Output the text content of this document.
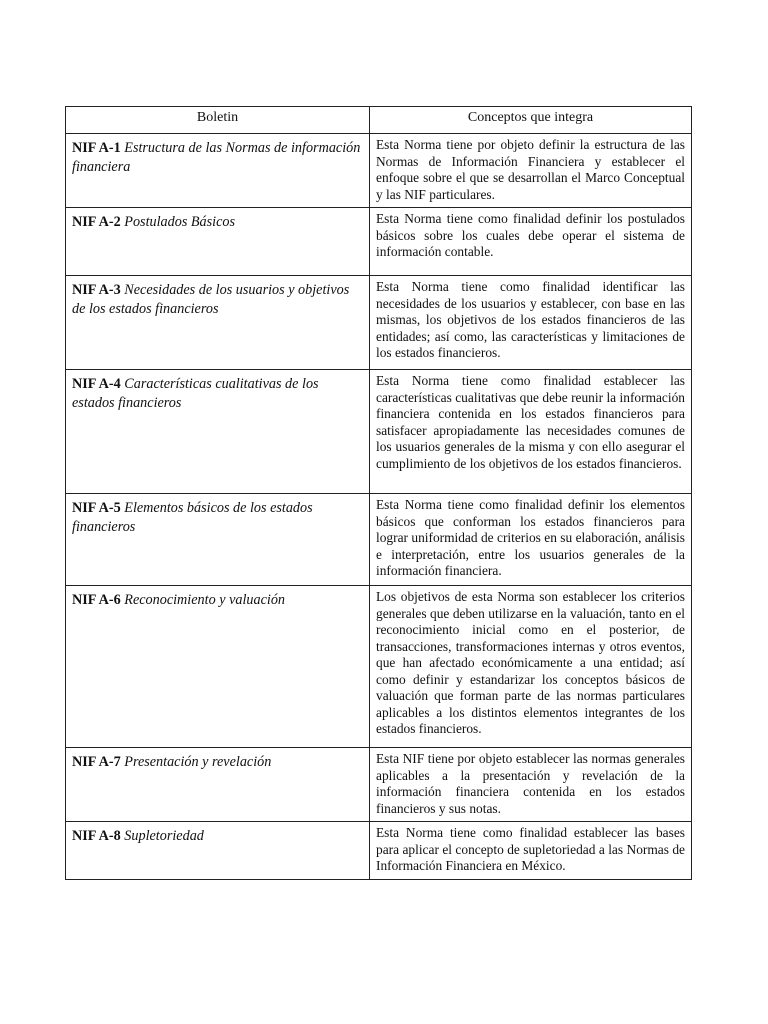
Boletin	Conceptos que integra
NIF A-1 Estructura de las Normas de información financiera	Esta Norma tiene por objeto definir la estructura de las Normas de Información Financiera y establecer el enfoque sobre el que se desarrollan el Marco Conceptual y las NIF particulares.
NIF A-2 Postulados Básicos	Esta Norma tiene como finalidad definir los postulados básicos sobre los cuales debe operar el sistema de información contable.
NIF A-3 Necesidades de los usuarios y objetivos de los estados financieros	Esta Norma tiene como finalidad identificar las necesidades de los usuarios y establecer, con base en las mismas, los objetivos de los estados financieros de las entidades; así como, las características y limitaciones de los estados financieros.
NIF A-4 Características cualitativas de los estados financieros	Esta Norma tiene como finalidad establecer las características cualitativas que debe reunir la información financiera contenida en los estados financieros para satisfacer apropiadamente las necesidades comunes de los usuarios generales de la misma y con ello asegurar el cumplimiento de los objetivos de los estados financieros.
NIF A-5 Elementos básicos de los estados financieros	Esta Norma tiene como finalidad definir los elementos básicos que conforman los estados financieros para lograr uniformidad de criterios en su elaboración, análisis e interpretación, entre los usuarios generales de la información financiera.
NIF A-6 Reconocimiento y valuación	Los objetivos de esta Norma son establecer los criterios generales que deben utilizarse en la valuación, tanto en el reconocimiento inicial como en el posterior, de transacciones, transformaciones internas y otros eventos, que han afectado económicamente a una entidad; así como definir y estandarizar los conceptos básicos de valuación que forman parte de las normas particulares aplicables a los distintos elementos integrantes de los estados financieros.
NIF A-7 Presentación y revelación	Esta NIF tiene por objeto establecer las normas generales aplicables a la presentación y revelación de la información financiera contenida en los estados financieros y sus notas.
NIF A-8 Supletoriedad	Esta Norma tiene como finalidad establecer las bases para aplicar el concepto de supletoriedad a las Normas de Información Financiera en México.
